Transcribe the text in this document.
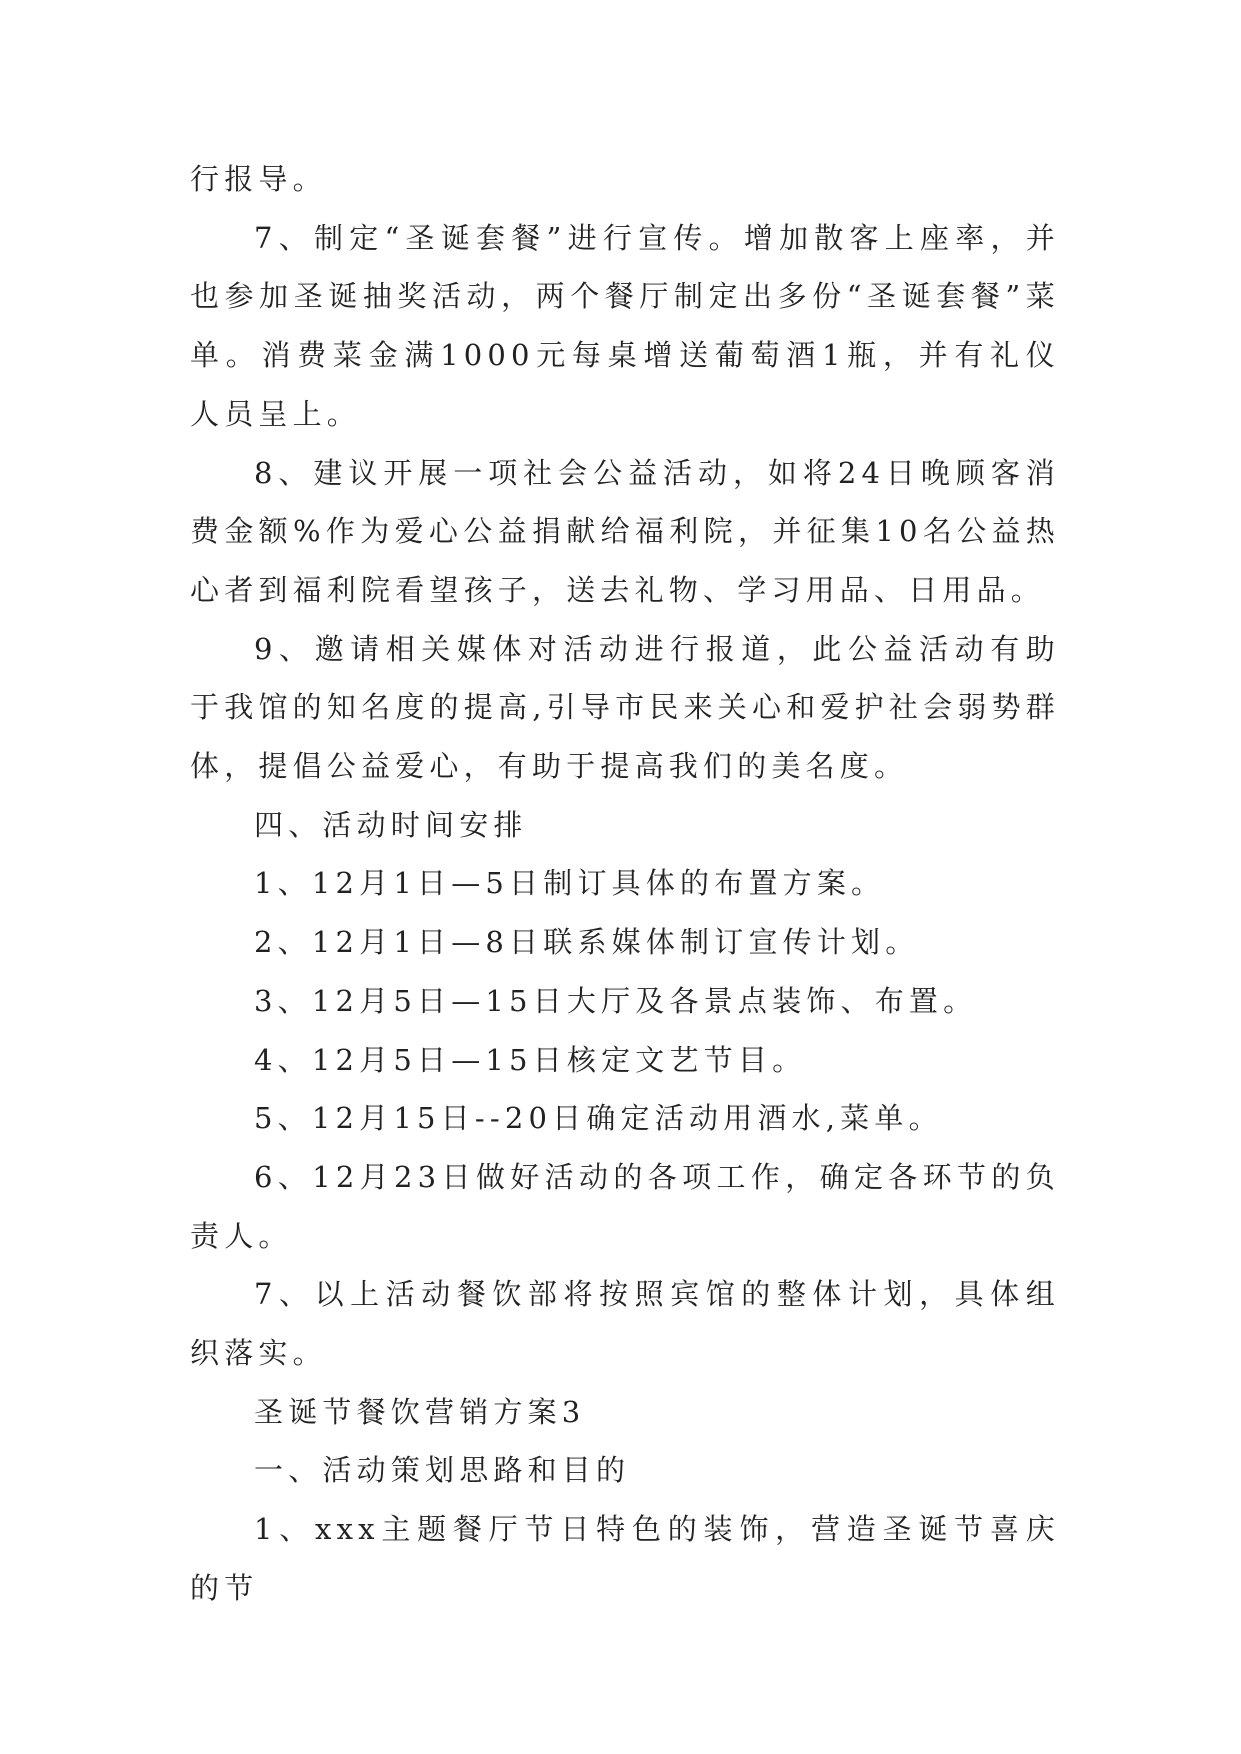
行报导。

7、制定“圣诞套餐”进行宣传。增加散客上座率，并也参加圣诞抽奖活动，两个餐厅制定出多份“圣诞套餐”菜单。消费菜金满1000元每桌增送葡萄酒1瓶，并有礼仪人员呈上。

8、建议开展一项社会公益活动，如将24日晚顾客消费金额%作为爱心公益捐献给福利院，并征集10名公益热心者到福利院看望孩子，送去礼物、学习用品、日用品。

9、邀请相关媒体对活动进行报道，此公益活动有助于我馆的知名度的提高,引导市民来关心和爱护社会弱势群体，提倡公益爱心，有助于提高我们的美名度。

四、活动时间安排

1、12月1日—5日制订具体的布置方案。

2、12月1日—8日联系媒体制订宣传计划。

3、12月5日—15日大厅及各景点装饰、布置。

4、12月5日—15日核定文艺节目。

5、12月15日--20日确定活动用酒水,菜单。

6、12月23日做好活动的各项工作，确定各环节的负责人。

7、以上活动餐饮部将按照宾馆的整体计划，具体组织落实。

圣诞节餐饮营销方案3

一、活动策划思路和目的

1、xxx主题餐厅节日特色的装饰，营造圣诞节喜庆的节
